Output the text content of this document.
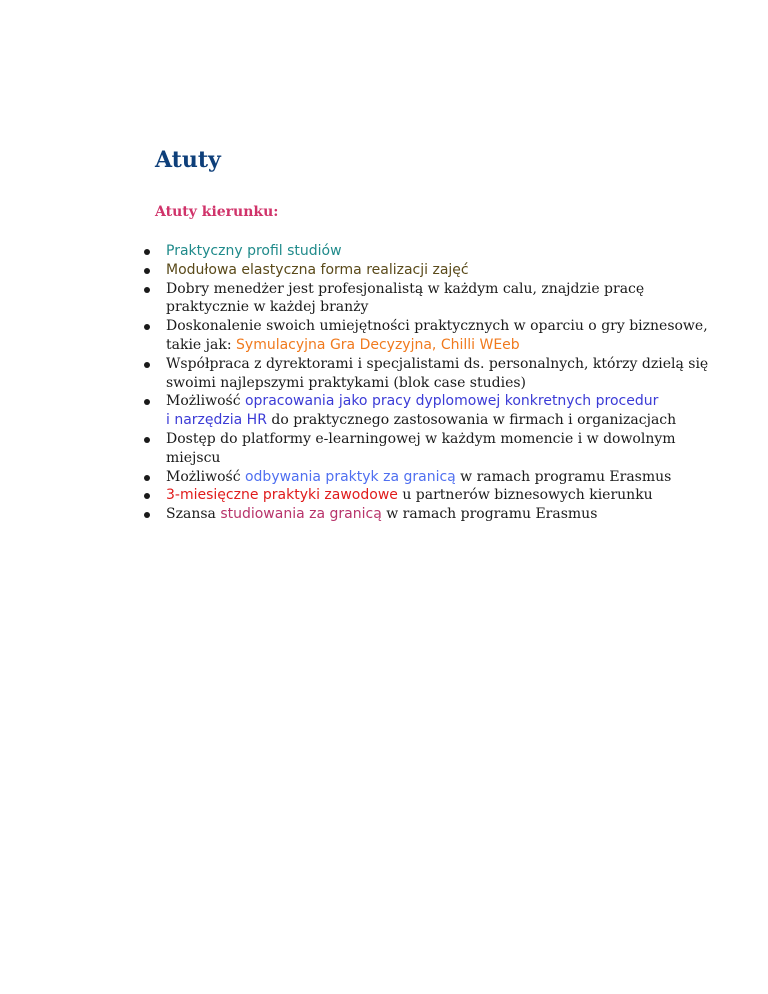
Atuty
Atuty kierunku:
Praktyczny profil studiów
Modułowa elastyczna forma realizacji zajęć
Dobry menedżer jest profesjonalistą w każdym calu, znajdzie pracę praktycznie w każdej branży
Doskonalenie swoich umiejętności praktycznych w oparciu o gry biznesowe, takie jak: Symulacyjna Gra Decyzyjna, Chilli WEeb
Współpraca z dyrektorami i specjalistami ds. personalnych, którzy dzielą się swoimi najlepszymi praktykami (blok case studies)
Możliwość opracowania jako pracy dyplomowej konkretnych procedur
i narzędzia HR do praktycznego zastosowania w firmach i organizacjach
Dostęp do platformy e-learningowej w każdym momencie i w dowolnym miejscu
Możliwość odbywania praktyk za granicą w ramach programu Erasmus
3-miesięczne praktyki zawodowe u partnerów biznesowych kierunku
Szansa studiowania za granicą w ramach programu Erasmus
